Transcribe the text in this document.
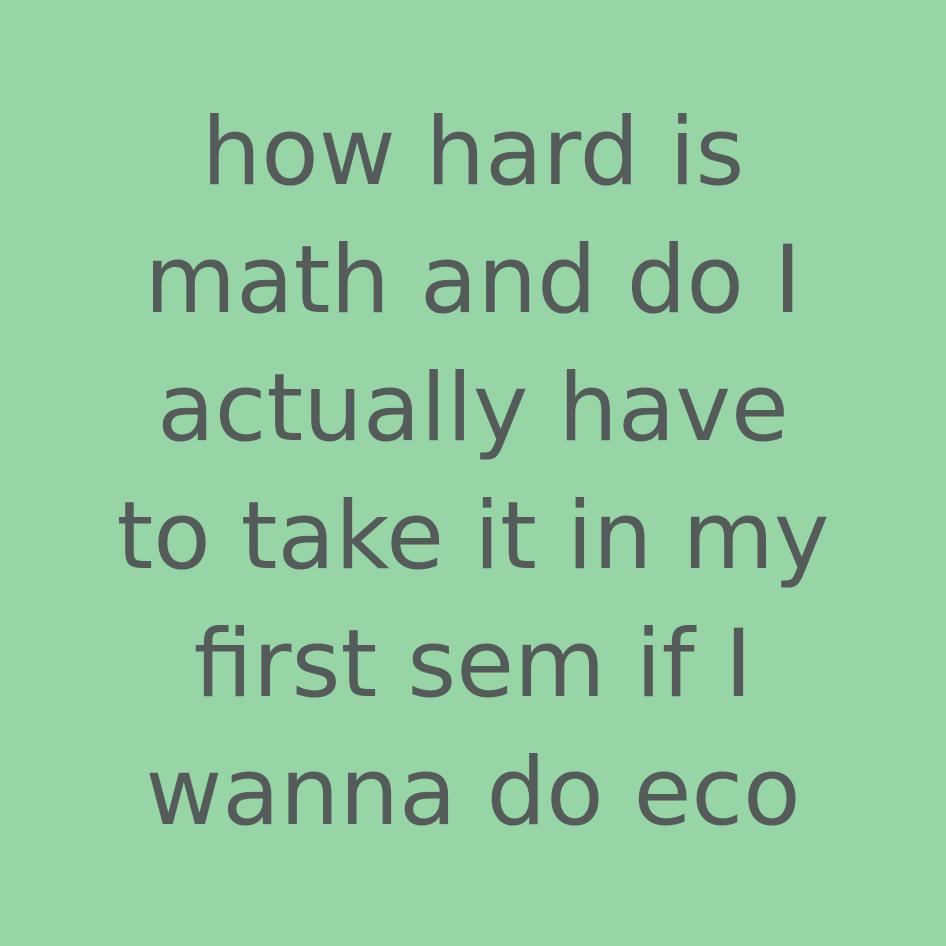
how hard is
math and do I
actually have
to take it in my
first sem if I
wanna do eco
